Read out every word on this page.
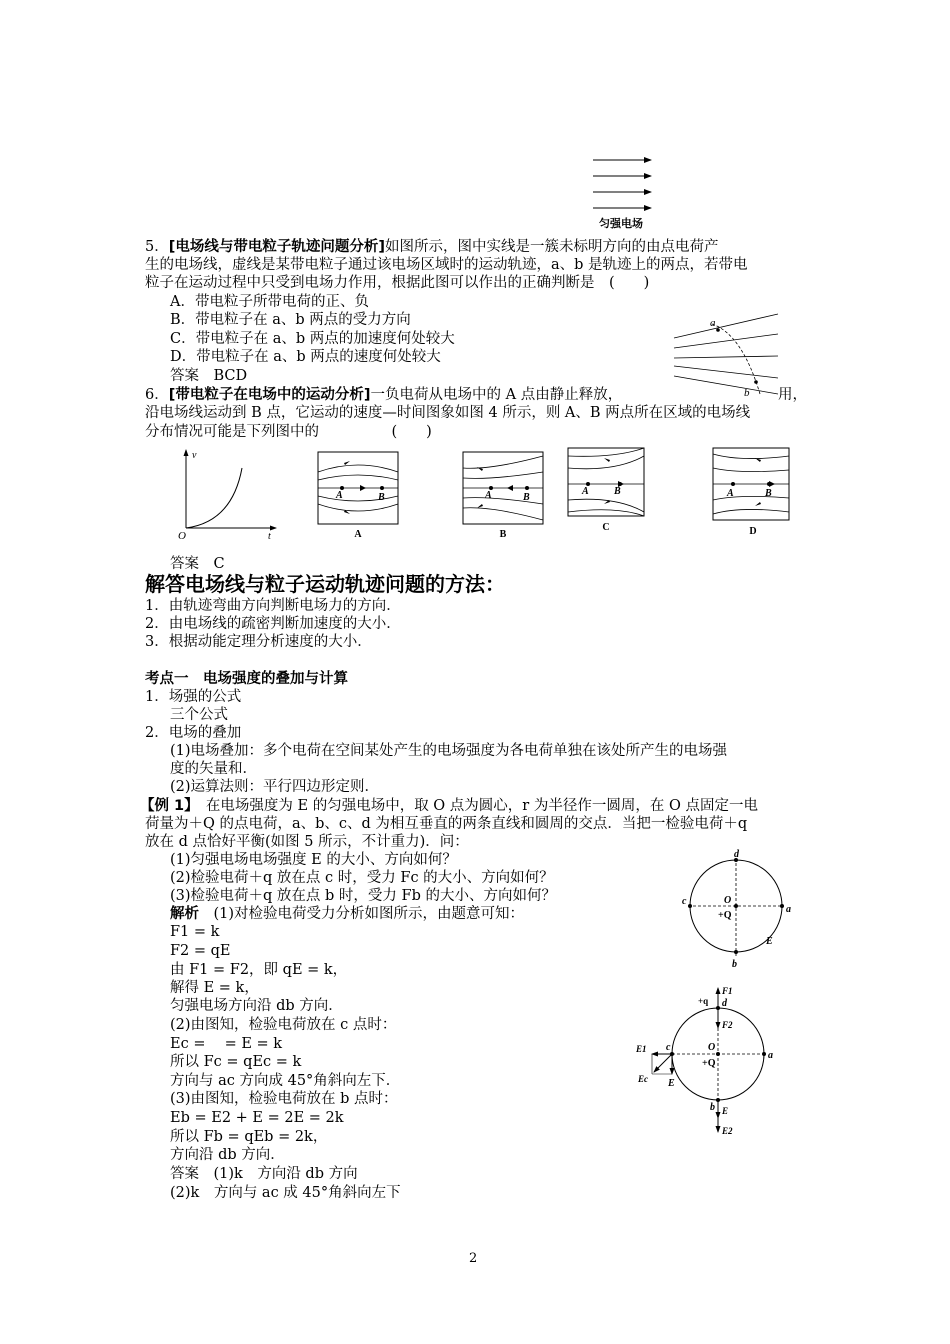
匀强电场
5．[电场线与带电粒子轨迹问题分析]如图所示，图中实线是一簇未标明方向的由点电荷产
生的电场线，虚线是某带电粒子通过该电场区域时的运动轨迹，a、b 是轨迹上的两点，若带电
粒子在运动过程中只受到电场力作用，根据此图可以作出的正确判断是　(　　)
A．带电粒子所带电荷的正、负
B．带电粒子在 a、b 两点的受力方向
C．带电粒子在 a、b 两点的加速度何处较大
D．带电粒子在 a、b 两点的速度何处较大
答案　BCD
a
b
6．[带电粒子在电场中的运动分析]一负电荷从电场中的 A 点由静止释放，	用，
沿电场线运动到 B 点，它运动的速度—时间图象如图 4 所示，则 A、B 两点所在区域的电场线
分布情况可能是下列图中的　　　　　(　　)
v
O	t
A	B
A
A	B
B
A	B
C
A	B
D
答案　C
解答电场线与粒子运动轨迹问题的方法：
1．由轨迹弯曲方向判断电场力的方向．
2．由电场线的疏密判断加速度的大小．
3．根据动能定理分析速度的大小．
考点一　电场强度的叠加与计算
1．场强的公式
三个公式
2．电场的叠加
(1)电场叠加：多个电荷在空间某处产生的电场强度为各电荷单独在该处所产生的电场强
度的矢量和．
(2)运算法则：平行四边形定则．
【例 1】　 在电场强度为 E 的匀强电场中，取 O 点为圆心，r 为半径作一圆周，在 O 点固定一电
荷量为＋Q 的点电荷，a、b、c、d 为相互垂直的两条直线和圆周的交点．当把一检验电荷＋q
放在 d 点恰好平衡(如图 5 所示，不计重力)．问：
(1)匀强电场电场强度 E 的大小、方向如何？
(2)检验电荷＋q 放在点 c 时，受力 Fc 的大小、方向如何？
(3)检验电荷＋q 放在点 b 时，受力 Fb 的大小、方向如何？
解析　 (1)对检验电荷受力分析如图所示，由题意可知：
F1 = k
F2 = qE
由 F1 = F2，即 qE = k，
解得 E = k，
匀强电场方向沿 db 方向．
(2)由图知，检验电荷放在 c 点时：
Ec = 　= E = k
所以 Fc = qEc = k
方向与 ac 方向成 45°角斜向左下．
(3)由图知，检验电荷放在 b 点时：
Eb = E2 + E = 2E = 2k
所以 Fb = qEb = 2k，
方向沿 db 方向．
答案　(1)k　方向沿 db 方向
(2)k　方向与 ac 成 45°角斜向左下
d
c	O
+Q
a
E
b
+q
F1
d
F2
E1 c	O
+Q
a
Ec E
b E
E2
2
